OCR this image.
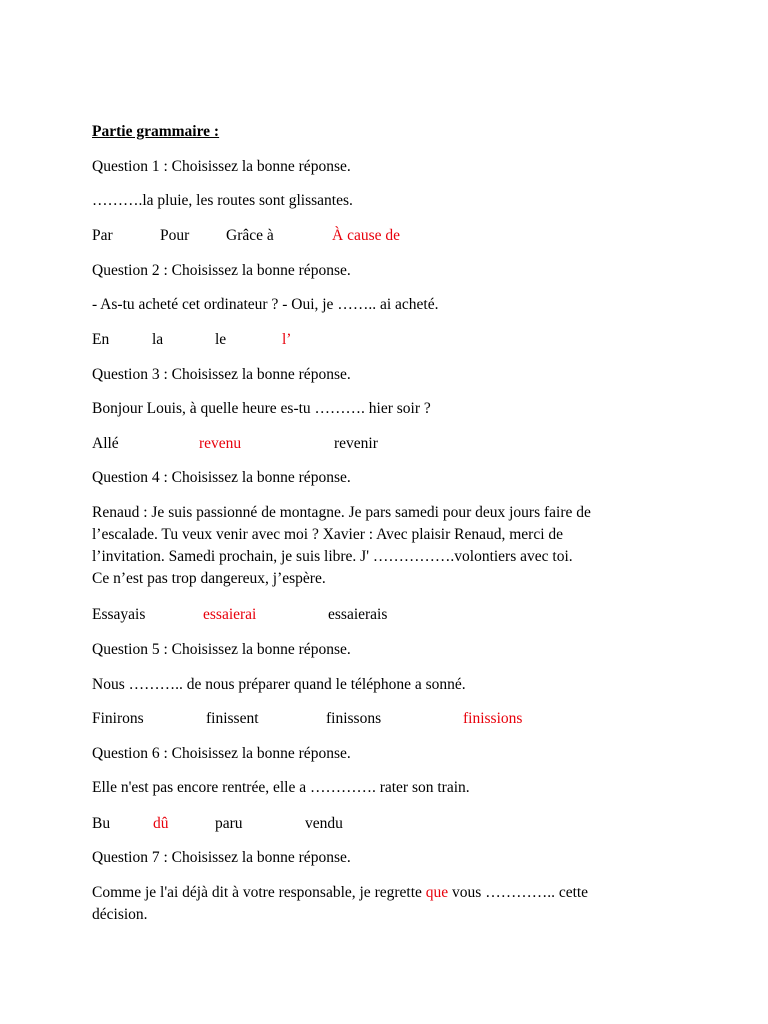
Partie grammaire :
Question 1 : Choisissez la bonne réponse.
……….la pluie, les routes sont glissantes.
Par	Pour Grâce à	À cause de
Question 2 : Choisissez la bonne réponse.
- As-tu acheté cet ordinateur ? - Oui, je …….. ai acheté.
En	la	le	l’
Question 3 : Choisissez la bonne réponse.
Bonjour Louis, à quelle heure es-tu ………. hier soir ?
Allé	revenu	revenir
Question 4 : Choisissez la bonne réponse.
Renaud : Je suis passionné de montagne. Je pars samedi pour deux jours faire de
l’escalade. Tu veux venir avec moi ? Xavier : Avec plaisir Renaud, merci de
l’invitation. Samedi prochain, je suis libre. J' …………….volontiers avec toi.
Ce n’est pas trop dangereux, j’espère.
Essayais	essaierai	essaierais
Question 5 : Choisissez la bonne réponse.
Nous ……….. de nous préparer quand le téléphone a sonné.
Finirons	finissent	finissons	finissions
Question 6 : Choisissez la bonne réponse.
Elle n'est pas encore rentrée, elle a …………. rater son train.
Bu	dû	paru	vendu
Question 7 : Choisissez la bonne réponse.
Comme je l'ai déjà dit à votre responsable, je regrette que vous ………….. cette
décision.
